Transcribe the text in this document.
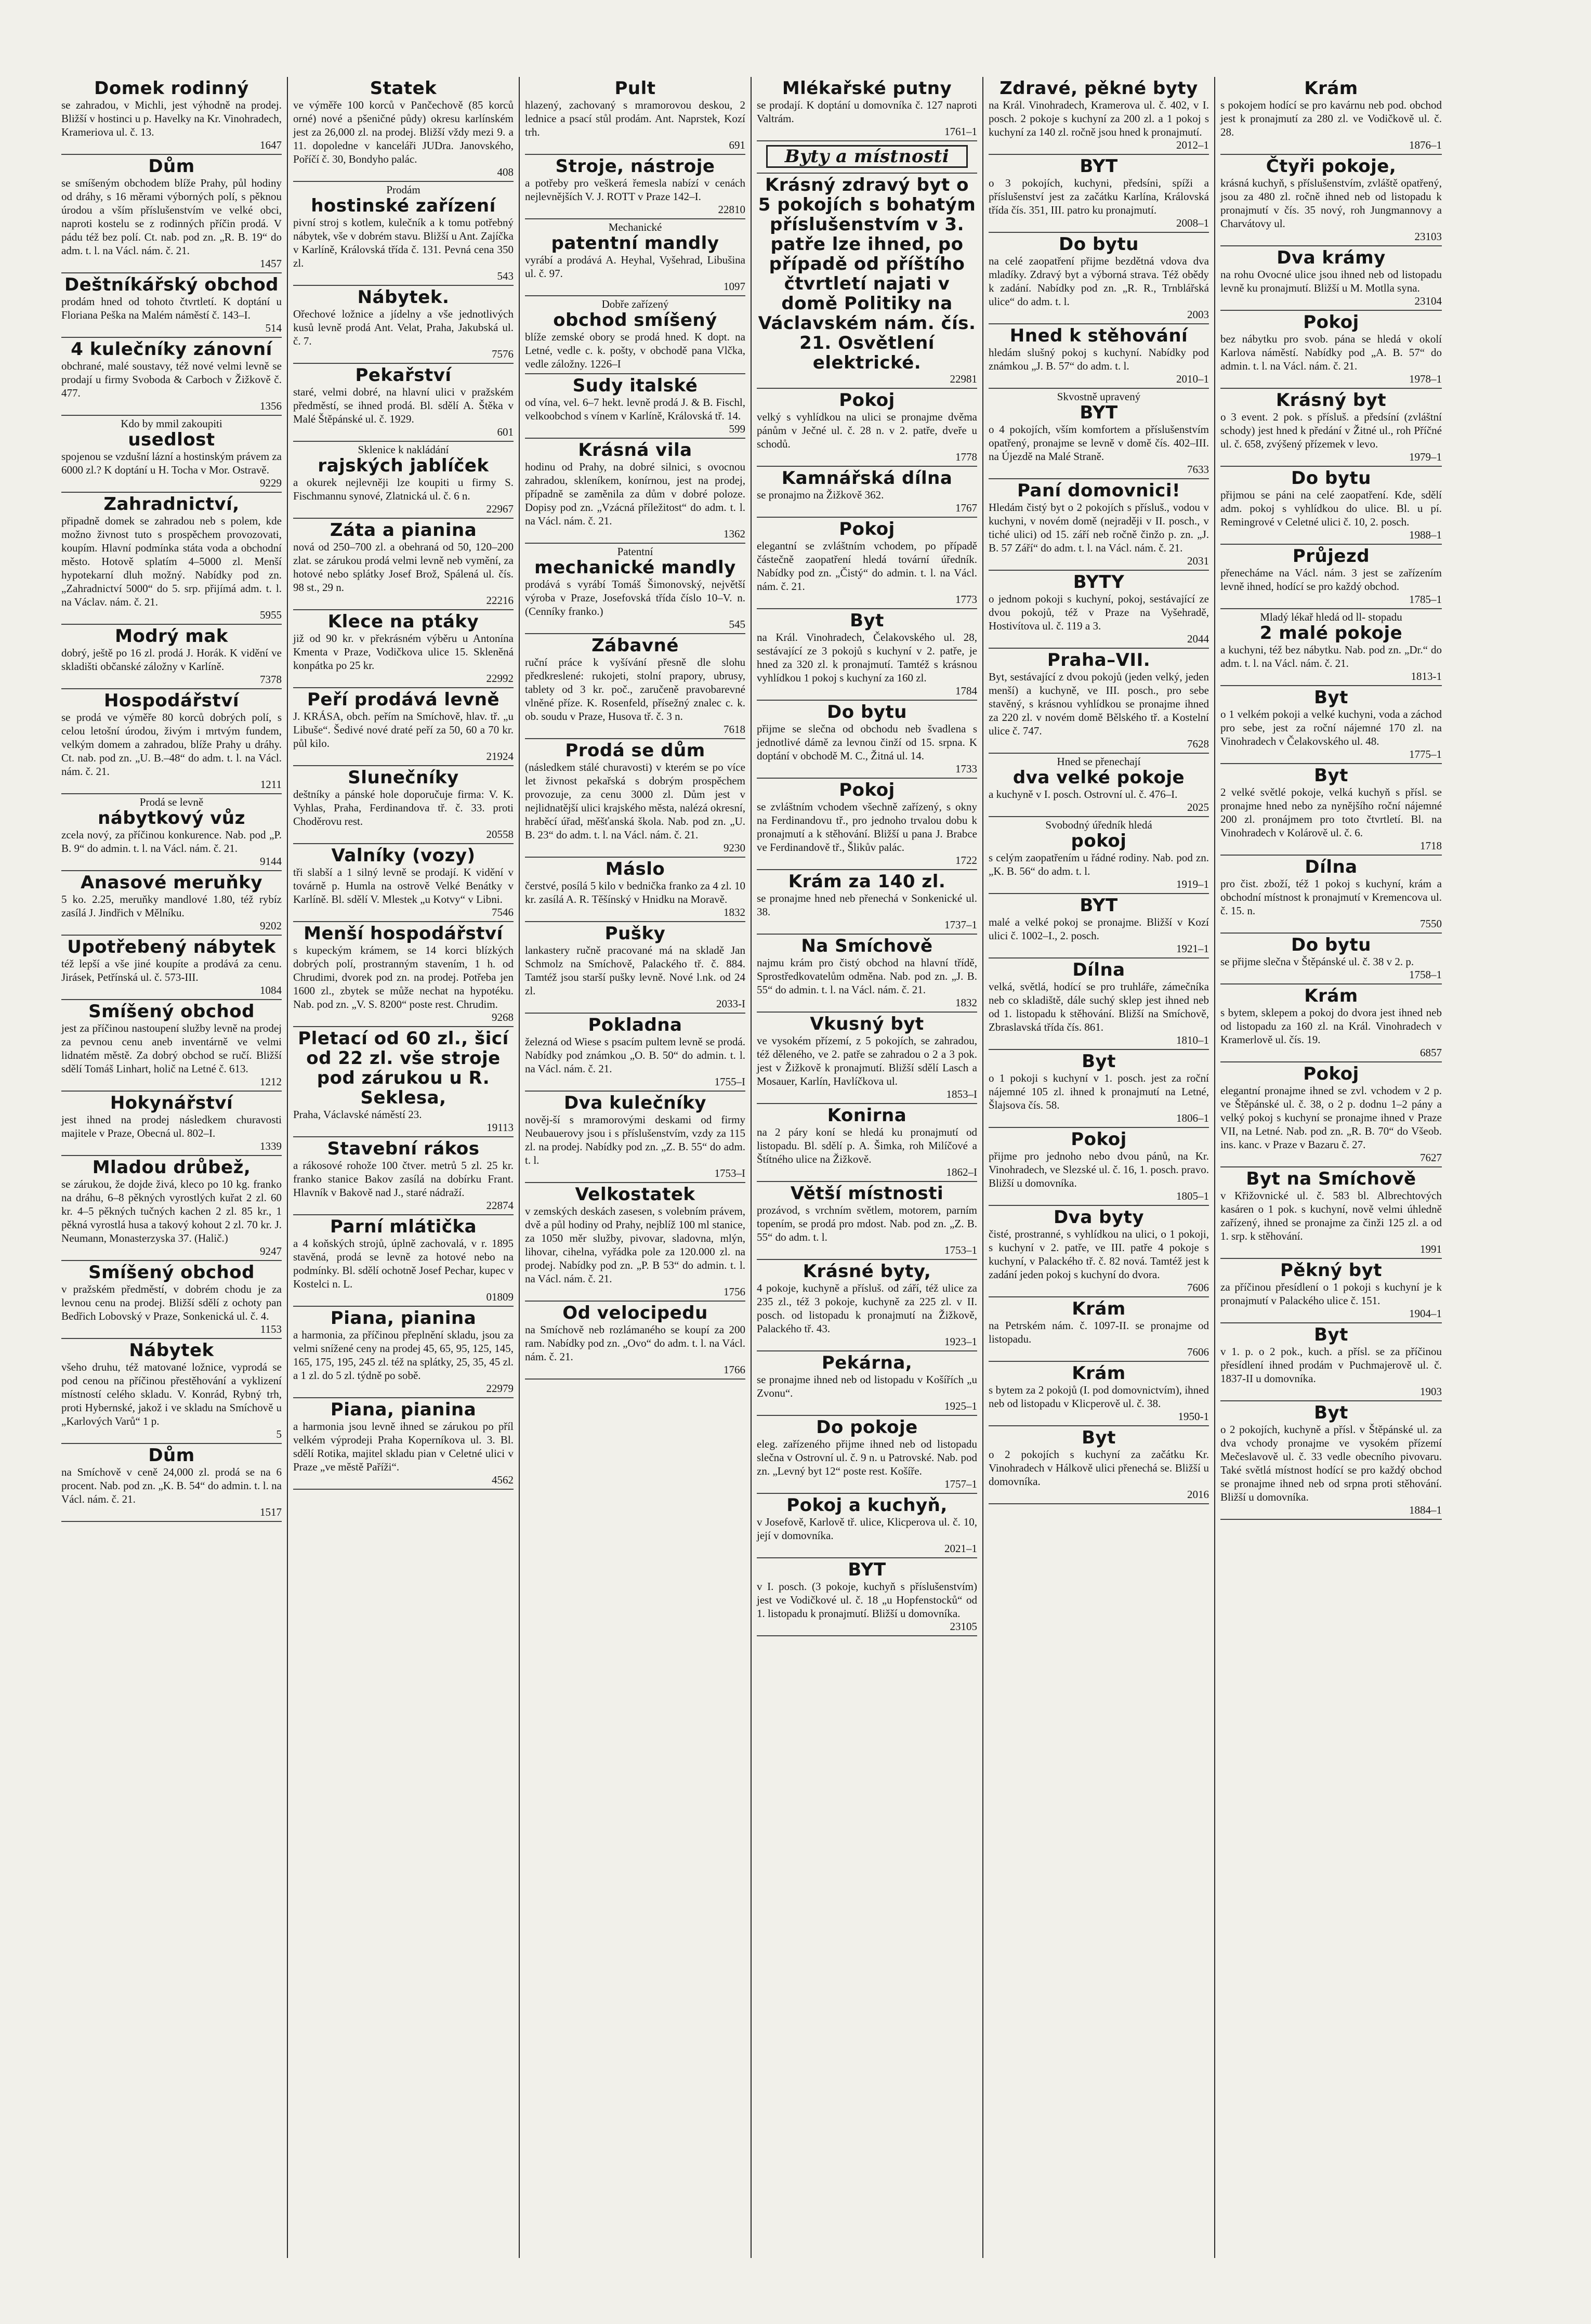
Domek rodinný
se zahradou, v Michli, jest výhodně na prodej. Bližší v hostinci u p. Havelky na Kr. Vinohradech, Krameriova ul. č. 13.
1647
Dům
se smíšeným obchodem blíže Prahy, půl hodiny od dráhy, s 16 měrami výborných polí, s pěknou úrodou a vším příslušenstvím ve velké obci, naproti kostelu se z rodinných příčin prodá. V pádu též bez polí. Ct. nab. pod zn. „R. B. 19“ do adm. t. l. na Václ. nám. č. 21.
1457
Deštníkářský obchod
prodám hned od tohoto čtvrtletí. K doptání u Floriana Peška na Malém náměstí č. 143–I.
514
4 kulečníky zánovní
obchrané, malé soustavy, též nové velmi levně se prodají u firmy Svoboda & Carboch v Žižkově č. 477.
1356
Kdo by mmil zakoupiti
usedlost
spojenou se vzdušní lázní a hostinským právem za 6000 zl.? K doptání u H. Tocha v Mor. Ostravě.
9229
Zahradnictví,
připadně domek se zahradou neb s polem, kde možno živnost tuto s prospěchem provozovati, koupím. Hlavní podmínka státa voda a obchodní město. Hotově splatím 4–5000 zl. Menší hypotekarní dluh možný. Nabídky pod zn. „Zahradnictví 5000“ do 5. srp. přijímá adm. t. l. na Václav. nám. č. 21.
5955
Modrý mak
dobrý, ještě po 16 zl. prodá J. Horák. K vidění ve skladišti občanské záložny v Karlíně.
7378
Hospodářství
se prodá ve výměře 80 korců dobrých polí, s celou letošní úrodou, živým i mrtvým fundem, velkým domem a zahradou, blíže Prahy u dráhy. Ct. nab. pod zn. „U. B.–48“ do adm. t. l. na Václ. nám. č. 21.
1211
Prodá se levně
nábytkový vůz
zcela nový, za příčinou konkurence. Nab. pod „P. B. 9“ do admin. t. l. na Václ. nám. č. 21.
9144
Anasové meruňky
5 ko. 2.25, meruňky mandlové 1.80, též rybíz zasílá J. Jindřich v Mělníku.
9202
Upotřebený nábytek
též lepší a vše jiné koupíte a prodává za cenu. Jirásek, Petřínská ul. č. 573-III.
1084
Smíšený obchod
jest za příčinou nastoupení služby levně na prodej za pevnou cenu aneb inventárně ve velmi lidnatém městě. Za dobrý obchod se ručí. Bližší sdělí Tomáš Linhart, holič na Letné č. 613.
1212
Hokynářství
jest ihned na prodej následkem churavosti majitele v Praze, Obecná ul. 802–I.
1339
Mladou drůbež,
se zárukou, že dojde živá, kleco po 10 kg. franko na dráhu, 6–8 pěkných vyrostlých kuřat 2 zl. 60 kr. 4–5 pěkných tučných kachen 2 zl. 85 kr., 1 pěkná vyrostlá husa a takový kohout 2 zl. 70 kr. J. Neumann, Monasterzyska 37. (Halič.)
9247
Smíšený obchod
v pražském předměstí, v dobrém chodu je za levnou cenu na prodej. Bližší sdělí z ochoty pan Bedřich Lobovský v Praze, Sonkenická ul. č. 4.
1153
Nábytek
všeho druhu, též matované ložnice, vyprodá se pod cenou na příčinou přestěhování a vyklizení místností celého skladu. V. Konrád, Rybný trh, proti Hybernské, jakož i ve skladu na Smíchově u „Karlových Varů“ 1 p.
5
Dům
na Smíchově v ceně 24,000 zl. prodá se na 6 procent. Nab. pod zn. „K. B. 54“ do admin. t. l. na Václ. nám. č. 21.
1517
Statek
ve výměře 100 korců v Pančechově (85 korců orné) nové a pšeničné půdy) okresu karlínském jest za 26,000 zl. na prodej. Bližší vždy mezi 9. a 11. dopoledne v kanceláři JUDra. Janovského, Poříčí č. 30, Bondyho palác.
408
Prodám
hostinské zařízení
pivní stroj s kotlem, kulečník a k tomu potřebný nábytek, vše v dobrém stavu. Bližší u Ant. Zajíčka v Karlíně, Královská třída č. 131. Pevná cena 350 zl.
543
Nábytek.
Ořechové ložnice a jídelny a vše jednotlivých kusů levně prodá Ant. Velat, Praha, Jakubská ul. č. 7.
7576
Pekařství
staré, velmi dobré, na hlavní ulici v pražském předměstí, se ihned prodá. Bl. sdělí A. Štěka v Malé Štěpánské ul. č. 1929.
601
Sklenice k nakládání
rajských jablíček
a okurek nejlevněji lze koupiti u firmy S. Fischmannu synové, Zlatnická ul. č. 6 n.
22967
Záta a pianina
nová od 250–700 zl. a obehraná od 50, 120–200 zlat. se zárukou prodá velmi levně neb vymění, za hotové nebo splátky Josef Brož, Spálená ul. čís. 98 st., 29 n.
22216
Klece na ptáky
již od 90 kr. v překrásném výběru u Antonína Kmenta v Praze, Vodičkova ulice 15. Skleněná konpátka po 25 kr.
22992
Peří prodává levně
J. KRÁSA, obch. peřím na Smíchově, hlav. tř. „u Libuše“. Šedivé nové draté peří za 50, 60 a 70 kr. půl kilo.
21924
Slunečníky
deštníky a pánské hole doporučuje firma: V. K. Vyhlas, Praha, Ferdinandova tř. č. 33. proti Choděrovu rest.
20558
Valníky (vozy)
tři slabší a 1 silný levně se prodají. K vidění v továrně p. Humla na ostrově Velké Benátky v Karlíně. Bl. sdělí V. Mlestek „u Kotvy“ v Libni.
7546
Menší hospodářství
s kupeckým krámem, se 14 korci blízkých dobrých polí, prostranným stavením, 1 h. od Chrudimi, dvorek pod zn. na prodej. Potřeba jen 1600 zl., zbytek se může nechat na hypotéku. Nab. pod zn. „V. S. 8200“ poste rest. Chrudim.
9268
Pletací od 60 zl., šicí od 22 zl. vše stroje pod zárukou u R. Seklesa,
Praha, Václavské náměstí 23.
19113
Stavební rákos
a rákosové rohože 100 čtver. metrů 5 zl. 25 kr. franko stanice Bakov zasílá na dobírku Frant. Hlavník v Bakově nad J., staré nádraží.
22874
Parní mlátička
a 4 koňských strojů, úplně zachovalá, v r. 1895 stavěná, prodá se levně za hotové nebo na podmínky. Bl. sdělí ochotně Josef Pechar, kupec v Kostelci n. L.
01809
Piana, pianina
a harmonia, za příčinou přeplnění skladu, jsou za velmi snížené ceny na prodej 45, 65, 95, 125, 145, 165, 175, 195, 245 zl. též na splátky, 25, 35, 45 zl. a 1 zl. do 5 zl. týdně po sobě.
22979
Piana, pianina
a harmonia jsou levně ihned se zárukou po příl velkém výprodeji Praha Koperníkova ul. 3. Bl. sdělí Rotika, majitel skladu pian v Celetné ulici v Praze „ve městě Paříži“.
4562
Pult
hlazený, zachovaný s mramorovou deskou, 2 lednice a psací stůl prodám. Ant. Naprstek, Kozí trh.
691
Stroje, nástroje
a potřeby pro veškerá řemesla nabízí v cenách nejlevnějších V. J. ROTT v Praze 142–I.
22810
Mechanické
patentní mandly
vyrábí a prodává A. Heyhal, Vyšehrad, Libušina ul. č. 97.
1097
Dobře zařízený
obchod smíšený
blíže zemské obory se prodá hned. K dopt. na Letné, vedle c. k. pošty, v obchodě pana Vlčka, vedle záložny. 1226–I
Sudy italské
od vína, vel. 6–7 hekt. levně prodá J. & B. Fischl, velkoobchod s vínem v Karlíně, Královská tř. 14.
599
Krásná vila
hodinu od Prahy, na dobré silnici, s ovocnou zahradou, skleníkem, konírnou, jest na prodej, případně se zaměnila za dům v dobré poloze. Dopisy pod zn. „Vzácná příležitost“ do adm. t. l. na Václ. nám. č. 21.
1362
Patentní
mechanické mandly
prodává s vyrábí Tomáš Šimonovský, největší výroba v Praze, Josefovská třída číslo 10–V. n. (Cenníky franko.)
545
Zábavné
ruční práce k vyšívání přesně dle slohu předkreslené: rukojeti, stolní prapory, ubrusy, tablety od 3 kr. poč., zaručeně pravobarevné vlněné příze. K. Rosenfeld, přísežný znalec c. k. ob. soudu v Praze, Husova tř. č. 3 n.
7618
Prodá se dům
(následkem stálé churavosti) v kterém se po více let živnost pekařská s dobrým prospěchem provozuje, za cenu 3000 zl. Dům jest v nejlidnatější ulici krajského města, nalézá okresní, hraběcí úřad, měšťanská škola. Nab. pod zn. „U. B. 23“ do adm. t. l. na Václ. nám. č. 21.
9230
Máslo
čerstvé, posílá 5 kilo v bednička franko za 4 zl. 10 kr. zasílá A. R. Těšínský v Hnidku na Moravě.
1832
Pušky
lankastery ručně pracované má na skladě Jan Schmolz na Smíchově, Palackého tř. č. 884. Tamtéž jsou starší pušky levně. Nové l.nk. od 24 zl.
2033-I
Pokladna
železná od Wiese s psacím pultem levně se prodá. Nabídky pod známkou „O. B. 50“ do admin. t. l. na Václ. nám. č. 21.
1755–I
Dva kulečníky
nověj-ší s mramorovými deskami od firmy Neubauerovy jsou i s příslušenstvím, vzdy za 115 zl. na prodej. Nabídky pod zn. „Z. B. 55“ do adm. t. l.
1753–I
Velkostatek
v zemských deskách zasesen, s volebním právem, dvě a půl hodiny od Prahy, nejblíž 100 ml stanice, za 1050 měr služby, pivovar, sladovna, mlýn, lihovar, cihelna, vyřádka pole za 120.000 zl. na prodej. Nabídky pod zn. „P. B 53“ do admin. t. l. na Václ. nám. č. 21.
1756
Od velocipedu
na Smíchově neb rozlámaného se koupí za 200 ram. Nabídky pod zn. „Ovo“ do adm. t. l. na Václ. nám. č. 21.
1766
Mlékařské putny
se prodají. K doptání u domovníka č. 127 naproti Valtrám.
1761–1
Byty a místnosti
Krásný zdravý byt o 5 pokojích s bohatým příslušenstvím v 3. patře lze ihned, po případě od příštího čtvrtletí najati v domě Politiky na Václavském nám. čís. 21. Osvětlení elektrické.
22981
Pokoj
velký s vyhlídkou na ulici se pronajme dvěma pánům v Ječné ul. č. 28 n. v 2. patře, dveře u schodů.
1778
Kamnářská dílna
se pronajmo na Žižkově 362.
1767
Pokoj
elegantní se zvláštním vchodem, po případě částečně zaopatření hledá tovární úředník. Nabídky pod zn. „Čistý“ do admin. t. l. na Václ. nám. č. 21.
1773
Byt
na Král. Vinohradech, Čelakovského ul. 28, sestávající ze 3 pokojů s kuchyní v 2. patře, je hned za 320 zl. k pronajmutí. Tamtéž s krásnou vyhlídkou 1 pokoj s kuchyní za 160 zl.
1784
Do bytu
přijme se slečna od obchodu neb švadlena s jednotlivé dámě za levnou činží od 15. srpna. K doptání v obchodě M. C., Žitná ul. 14.
1733
Pokoj
se zvláštním vchodem všechně zařízený, s okny na Ferdinandovu tř., pro jednoho trvalou dobu k pronajmutí a k stěhování. Bližší u pana J. Brabce ve Ferdinandově tř., Šlikův palác.
1722
Krám za 140 zl.
se pronajme hned neb přenechá v Sonkenické ul. 38.
1737–1
Na Smíchově
najmu krám pro čistý obchod na hlavní třídě, Sprostředkovatelům odměna. Nab. pod zn. „J. B. 55“ do admin. t. l. na Václ. nám. č. 21.
1832
Vkusný byt
ve vysokém přízemí, z 5 pokojích, se zahradou, též děleného, ve 2. patře se zahradou o 2 a 3 pok. jest v Žižkově k pronajmutí. Bližší sdělí Lasch a Mosauer, Karlín, Havlíčkova ul.
1853–I
Konirna
na 2 páry koní se hledá ku pronajmutí od listopadu. Bl. sdělí p. A. Šimka, roh Milíčové a Štítného ulice na Žižkově.
1862–I
Větší místnosti
prozávod, s vrchním světlem, motorem, parním topením, se prodá pro mdost. Nab. pod zn. „Z. B. 55“ do adm. t. l.
1753–1
Krásné byty,
4 pokoje, kuchyně a přísluš. od září, též ulice za 235 zl., též 3 pokoje, kuchyně za 225 zl. v II. posch. od listopadu k pronajmutí na Žižkově, Palackého tř. 43.
1923–1
Pekárna,
se pronajme ihned neb od listopadu v Košířích „u Zvonu“.
1925–1
Do pokoje
eleg. zařízeného přijme ihned neb od listopadu slečna v Ostrovní ul. č. 9 n. u Patrovské. Nab. pod zn. „Levný byt 12“ poste rest. Košíře.
1757–1
Pokoj a kuchyň,
v Josefově, Karlově tř. ulice, Klicperova ul. č. 10, její v domovníka.
2021–1
BYT
v I. posch. (3 pokoje, kuchyň s příslušenstvím) jest ve Vodičkové ul. č. 18 „u Hopfenstocků“ od 1. listopadu k pronajmutí. Bližší u domovníka.
23105
Zdravé, pěkné byty
na Král. Vinohradech, Kramerova ul. č. 402, v I. posch. 2 pokoje s kuchyní za 200 zl. a 1 pokoj s kuchyní za 140 zl. ročně jsou hned k pronajmutí.
2012–1
BYT
o 3 pokojích, kuchyni, předsíni, spíži a příslušenství jest za začátku Karlína, Královská třída čís. 351, III. patro ku pronajmutí.
2008–1
Do bytu
na celé zaopatření přijme bezdětná vdova dva mladíky. Zdravý byt a výborná strava. Též obědy k zadání. Nabídky pod zn. „R. R., Trnblářská ulice“ do adm. t. l.
2003
Hned k stěhování
hledám slušný pokoj s kuchyní. Nabídky pod známkou „J. B. 57“ do adm. t. l.
2010–1
Skvostně upravený
BYT
o 4 pokojích, vším komfortem a příslušenstvím opatřený, pronajme se levně v domě čís. 402–III. na Újezdě na Malé Straně.
7633
Paní domovnici!
Hledám čistý byt o 2 pokojích s přísluš., vodou v kuchyni, v novém domě (nejraději v II. posch., v tiché ulici) od 15. září neb ročně činžo p. zn. „J. B. 57 Září“ do adm. t. l. na Václ. nám. č. 21.
2031
BYTY
o jednom pokoji s kuchyní, pokoj, sestávající ze dvou pokojů, též v Praze na Vyšehradě, Hostivítova ul. č. 119 a 3.
2044
Praha–VII.
Byt, sestávající z dvou pokojů (jeden velký, jeden menší) a kuchyně, ve III. posch., pro sebe stavěný, s krásnou vyhlídkou se pronajme ihned za 220 zl. v novém domě Bělského tř. a Kostelní ulice č. 747.
7628
Hned se přenechají
dva velké pokoje
a kuchyně v I. posch. Ostrovní ul. č. 476–I.
2025
Svobodný úředník hledá
pokoj
s celým zaopatřením u řádné rodiny. Nab. pod zn. „K. B. 56“ do adm. t. l.
1919–1
BYT
malé a velké pokoj se pronajme. Bližší v Kozí ulici č. 1002–I., 2. posch.
1921–1
Dílna
velká, světlá, hodící se pro truhláře, zámečníka neb co skladiště, dále suchý sklep jest ihned neb od 1. listopadu k stěhování. Bližší na Smíchově, Zbraslavská třída čís. 861.
1810–1
Byt
o 1 pokoji s kuchyní v 1. posch. jest za roční nájemné 105 zl. ihned k pronajmutí na Letné, Šlajsova čís. 58.
1806–1
Pokoj
přijme pro jednoho nebo dvou pánů, na Kr. Vinohradech, ve Slezské ul. č. 16, 1. posch. pravo. Bližší u domovníka.
1805–1
Dva byty
čisté, prostranné, s vyhlídkou na ulici, o 1 pokoji, s kuchyní v 2. patře, ve III. patře 4 pokoje s kuchyní, v Palackého tř. č. 82 nová. Tamtéž jest k zadání jeden pokoj s kuchyní do dvora.
7606
Krám
na Petrském nám. č. 1097-II. se pronajme od listopadu.
7606
Krám
s bytem za 2 pokojů (I. pod domovnictvím), ihned neb od listopadu v Klicperově ul. č. 38.
1950-1
Byt
o 2 pokojích s kuchyní za začátku Kr. Vinohradech v Hálkově ulici přenechá se. Bližší u domovníka.
2016
Krám
s pokojem hodící se pro kavárnu neb pod. obchod jest k pronajmutí za 280 zl. ve Vodičkově ul. č. 28.
1876–1
Čtyři pokoje,
krásná kuchyň, s příslušenstvím, zvláště opatřený, jsou za 480 zl. ročně ihned neb od listopadu k pronajmutí v čís. 35 nový, roh Jungmannovy a Charvátovy ul.
23103
Dva krámy
na rohu Ovocné ulice jsou ihned neb od listopadu levně ku pronajmutí. Bližší u M. Motlla syna.
23104
Pokoj
bez nábytku pro svob. pána se hledá v okolí Karlova náměstí. Nabídky pod „A. B. 57“ do admin. t. l. na Václ. nám. č. 21.
1978–1
Krásný byt
o 3 event. 2 pok. s přísluš. a předsíní (zvláštní schody) jest hned k předání v Žitné ul., roh Příčné ul. č. 658, zvýšený přízemek v levo.
1979–1
Do bytu
přijmou se páni na celé zaopatření. Kde, sdělí adm. pokoj s vyhlídkou do ulice. Bl. u pí. Remingrové v Celetné ulici č. 10, 2. posch.
1988–1
Průjezd
přenecháme na Václ. nám. 3 jest se zařízením levně ihned, hodící se pro každý obchod.
1785–1
Mladý lékař hledá od ll- stopadu
2 malé pokoje
a kuchyni, též bez nábytku. Nab. pod zn. „Dr.“ do adm. t. l. na Václ. nám. č. 21.
1813-1
Byt
o 1 velkém pokoji a velké kuchyni, voda a záchod pro sebe, jest za roční nájemné 170 zl. na Vinohradech v Čelakovského ul. 48.
1775–1
Byt
2 velké světlé pokoje, velká kuchyň s přísl. se pronajme hned nebo za nynějšího roční nájemné 200 zl. pronájmem pro toto čtvrtletí. Bl. na Vinohradech v Kolárově ul. č. 6.
1718
Dílna
pro čist. zboží, též 1 pokoj s kuchyní, krám a obchodní místnost k pronajmutí v Kremencova ul. č. 15. n.
7550
Do bytu
se přijme slečna v Štěpánské ul. č. 38 v 2. p.
1758–1
Krám
s bytem, sklepem a pokoj do dvora jest ihned neb od listopadu za 160 zl. na Král. Vinohradech v Kramerlově ul. čís. 19.
6857
Pokoj
elegantní pronajme ihned se zvl. vchodem v 2 p. ve Štěpánské ul. č. 38, o 2 p. dodnu 1–2 pány a velký pokoj s kuchyní se pronajme ihned v Praze VII, na Letné. Nab. pod zn. „R. B. 70“ do Všeob. ins. kanc. v Praze v Bazaru č. 27.
7627
Byt na Smíchově
v Křižovnické ul. č. 583 bl. Albrechtových kasáren o 1 pok. s kuchyní, nově velmi úhledně zařízený, ihned se pronajme za činži 125 zl. a od 1. srp. k stěhování.
1991
Pěkný byt
za příčinou přesídlení o 1 pokoji s kuchyní je k pronajmutí v Palackého ulice č. 151.
1904–1
Byt
v 1. p. o 2 pok., kuch. a přísl. se za příčinou přesídlení ihned prodám v Puchmajerově ul. č. 1837-II u domovníka.
1903
Byt
o 2 pokojích, kuchyně a přísl. v Štěpánské ul. za dva vchody pronajme ve vysokém přízemí Mečeslavově ul. č. 33 vedle obecního pivovaru. Také světlá místnost hodící se pro každý obchod se pronajme ihned neb od srpna proti stěhování. Bližší u domovníka.
1884–1
